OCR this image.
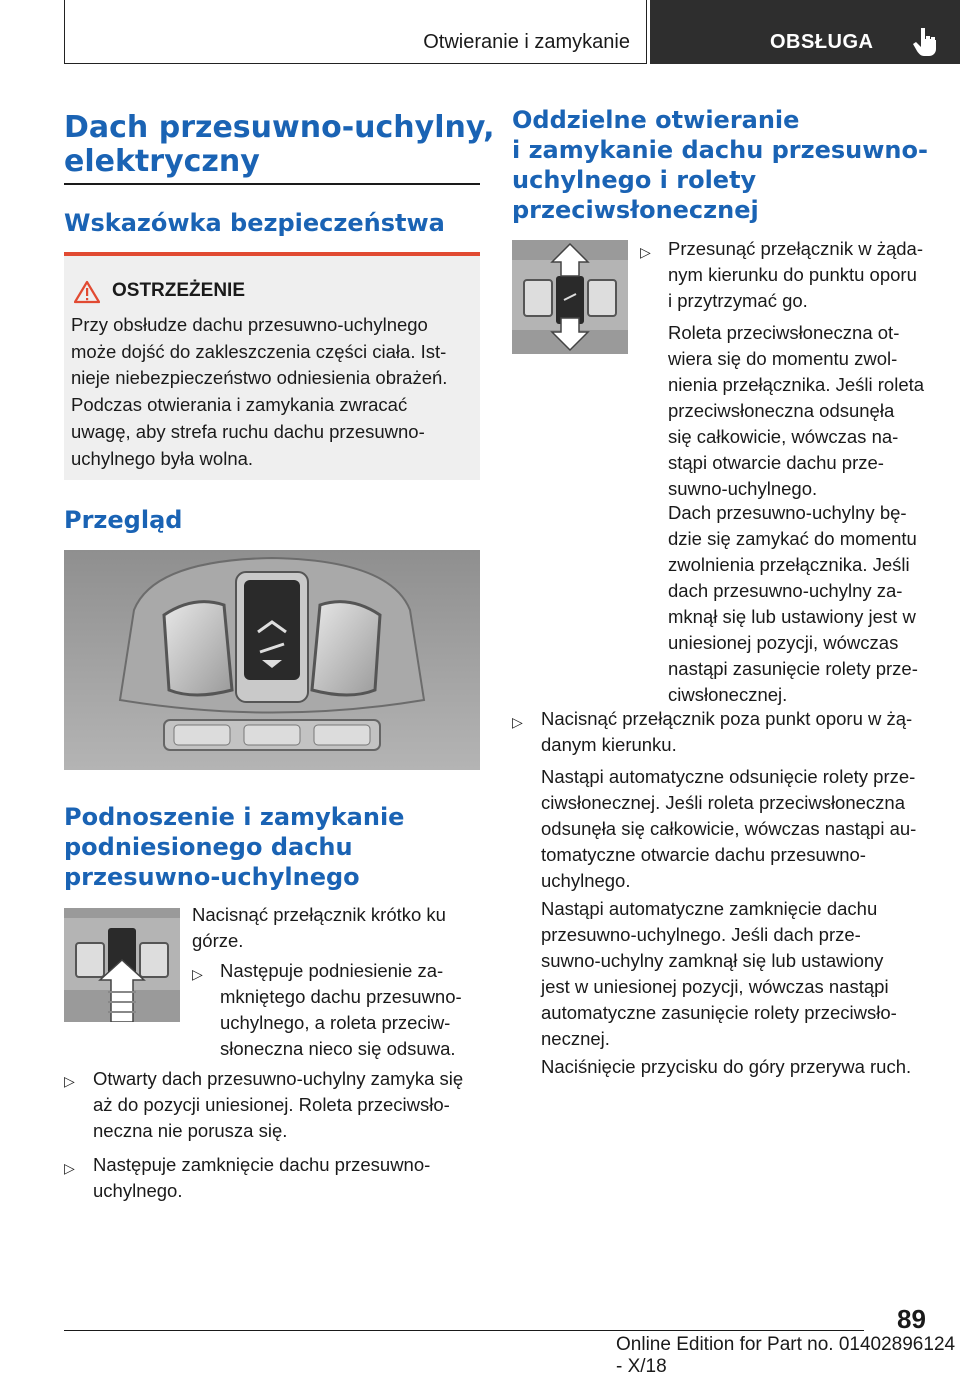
Otwieranie i zamykanie	OBSŁUGA
Dach przesuwno-uchylny,
elektryczny
Wskazówka bezpieczeństwa
OSTRZEŻENIE
Przy obsłudze dachu przesuwno-uchylnego
może dojść do zakleszczenia części ciała. Ist-
nieje niebezpieczeństwo odniesienia obrażeń.
Podczas otwierania i zamykania zwracać
uwagę, aby strefa ruchu dachu przesuwno-
uchylnego była wolna.
Przegląd
Podnoszenie i zamykanie
podniesionego dachu
przesuwno-uchylnego
Nacisnąć przełącznik krótko ku
górze.
▷ Następuje podniesienie za-
mkniętego dachu przesuwno-
uchylnego, a roleta przeciw-
słoneczna nieco się odsuwa.
▷ Otwarty dach przesuwno-uchylny zamyka się
aż do pozycji uniesionej. Roleta przeciwsło-
neczna nie porusza się.
▷ Następuje zamknięcie dachu przesuwno-
uchylnego.
Oddzielne otwieranie
i zamykanie dachu przesuwno-
uchylnego i rolety
przeciwsłonecznej
▷ Przesunąć przełącznik w żąda-
nym kierunku do punktu oporu
i przytrzymać go.
Roleta przeciwsłoneczna ot-
wiera się do momentu zwol-
nienia przełącznika. Jeśli roleta
przeciwsłoneczna odsunęła
się całkowicie, wówczas na-
stąpi otwarcie dachu prze-
suwno-uchylnego.
Dach przesuwno-uchylny bę-
dzie się zamykać do momentu
zwolnienia przełącznika. Jeśli
dach przesuwno-uchylny za-
mknął się lub ustawiony jest w
uniesionej pozycji, wówczas
nastąpi zasunięcie rolety prze-
ciwsłonecznej.
▷ Nacisnąć przełącznik poza punkt oporu w żą-
danym kierunku.
Nastąpi automatyczne odsunięcie rolety prze-
ciwsłonecznej. Jeśli roleta przeciwsłoneczna
odsunęła się całkowicie, wówczas nastąpi au-
tomatyczne otwarcie dachu przesuwno-
uchylnego.
Nastąpi automatyczne zamknięcie dachu
przesuwno-uchylnego. Jeśli dach prze-
suwno-uchylny zamknął się lub ustawiony
jest w uniesionej pozycji, wówczas nastąpi
automatyczne zasunięcie rolety przeciwsło-
necznej.
Naciśnięcie przycisku do góry przerywa ruch.
89
Online Edition for Part no. 01402896124 - X/18
